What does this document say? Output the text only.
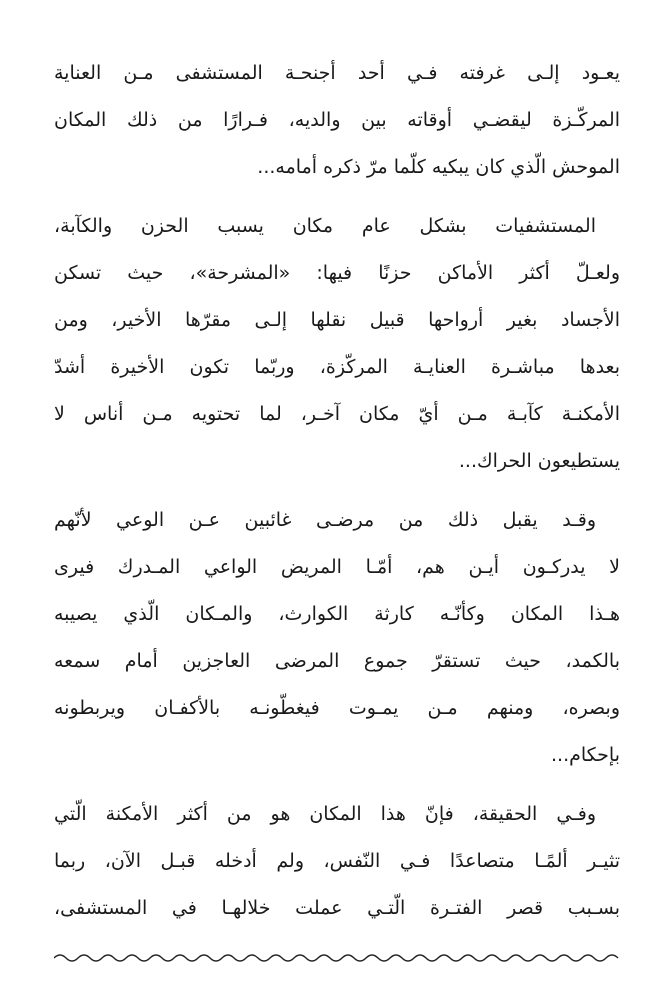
يعـود إلـى غرفته فـي أحد أجنحـة المستشفى مـن العناية
المركّـزة ليقضـي أوقاته بين والديه، فـرارًا من ذلك المكان
الموحش الّذي كان يبكيه كلّما مرّ ذكره أمامه...
المستشفيات بشكل عام مكان يسبب الحزن والكآبة،
ولعـلّ أكثر الأماكن حزنًا فيها: «المشرحة»، حيث تسكن
الأجساد بغير أرواحها قبيل نقلها إلـى مقرّها الأخير، ومن
بعدها مباشـرة العنايـة المركّزة، وربّما تكون الأخيرة أشدّ
الأمكنـة كآبـة مـن أيّ مكان آخـر، لما تحتويه مـن أناس لا
يستطيعون الحراك...
وقـد يقبل ذلك من مرضـى غائبين عـن الوعي لأنّهم
لا يدركـون أيـن هم، أمّـا المريض الواعي المـدرك فيرى
هـذا المكان وكأنّـه كارثة الكوارث، والمـكان الّذي يصيبه
بالكمد، حيث تستقرّ جموع المرضى العاجزين أمام سمعه
وبصره، ومنهم مـن يمـوت فيغطّونـه بالأكفـان ويربطونه
بإحكام...
وفـي الحقيقة، فإنّ هذا المكان هو من أكثر الأمكنة الّتي
تثيـر ألمًـا متصاعدًا فـي النّفس، ولم أدخله قبـل الآن، ربما
بسـبب قصر الفتـرة الّتـي عملت خلالهـا في المستشفى،
